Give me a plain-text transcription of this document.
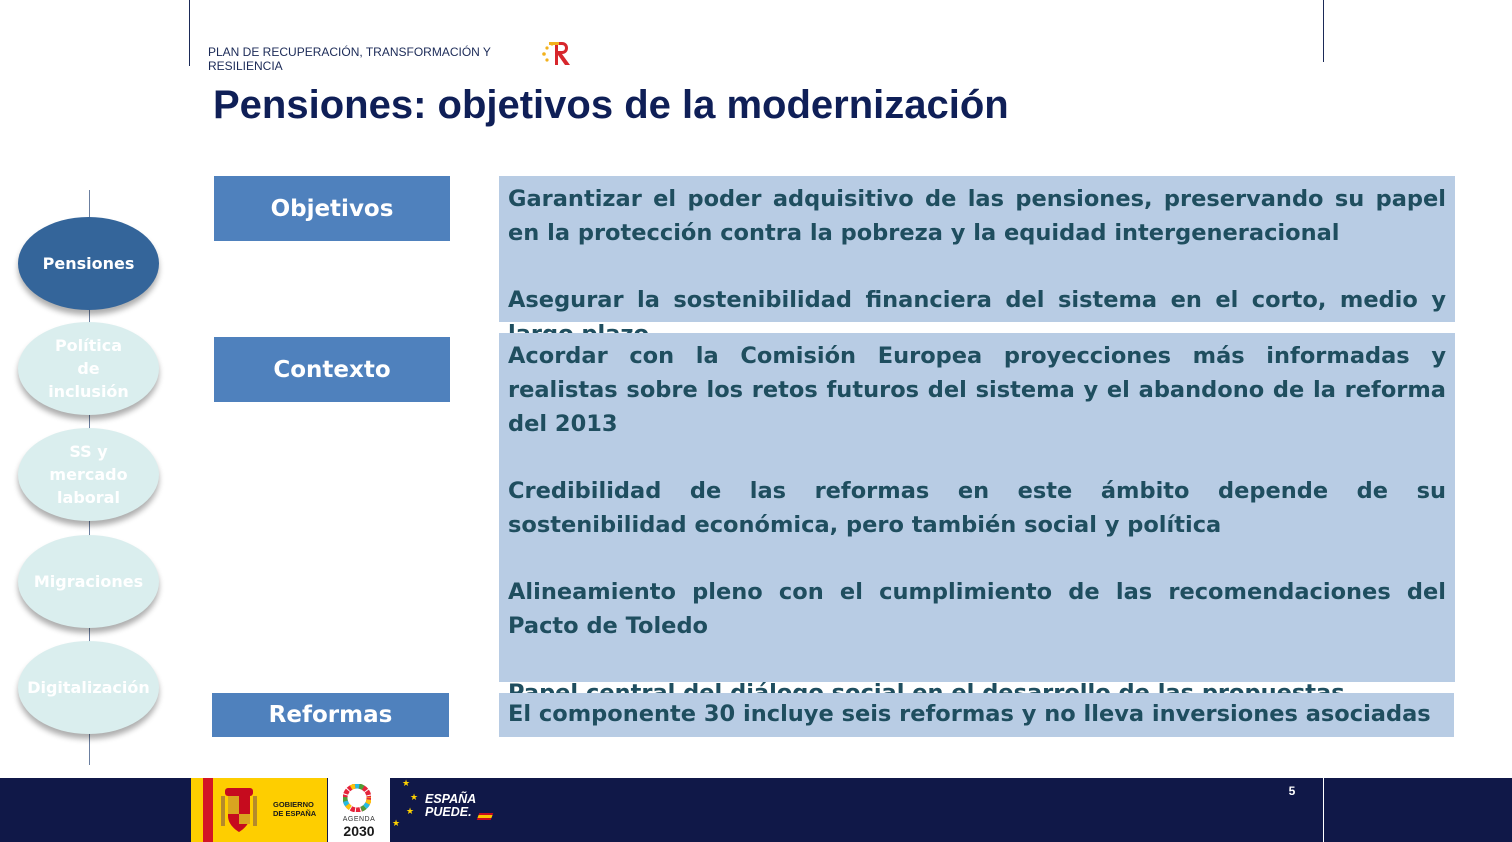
PLAN DE RECUPERACIÓN, TRANSFORMACIÓN Y RESILIENCIA
Pensiones: objetivos de la modernización
Pensiones
Política de inclusión
SS y mercado laboral
Migraciones
Digitalización
Objetivos
Contexto
Reformas

Garantizar el poder adquisitivo de las pensiones, preservando su papel en la protección contra la pobreza y la equidad intergeneracional

Asegurar la sostenibilidad financiera del sistema en el corto, medio y

Acordar con la Comisión Europea proyecciones más informadas y realistas sobre los retos futuros del sistema y el abandono de la reforma del 2013

Credibilidad de las reformas en este ámbito depende de su sostenibilidad económica, pero también social y política

Alineamiento pleno con el cumplimiento de las recomendaciones del Pacto de Toledo

El componente 30 incluye seis reformas y no lleva inversiones asociadas

GOBIERNO
DE ESPAÑA
AGENDA
2030
★
★
★
★
ESPAÑA
PUEDE.
5
